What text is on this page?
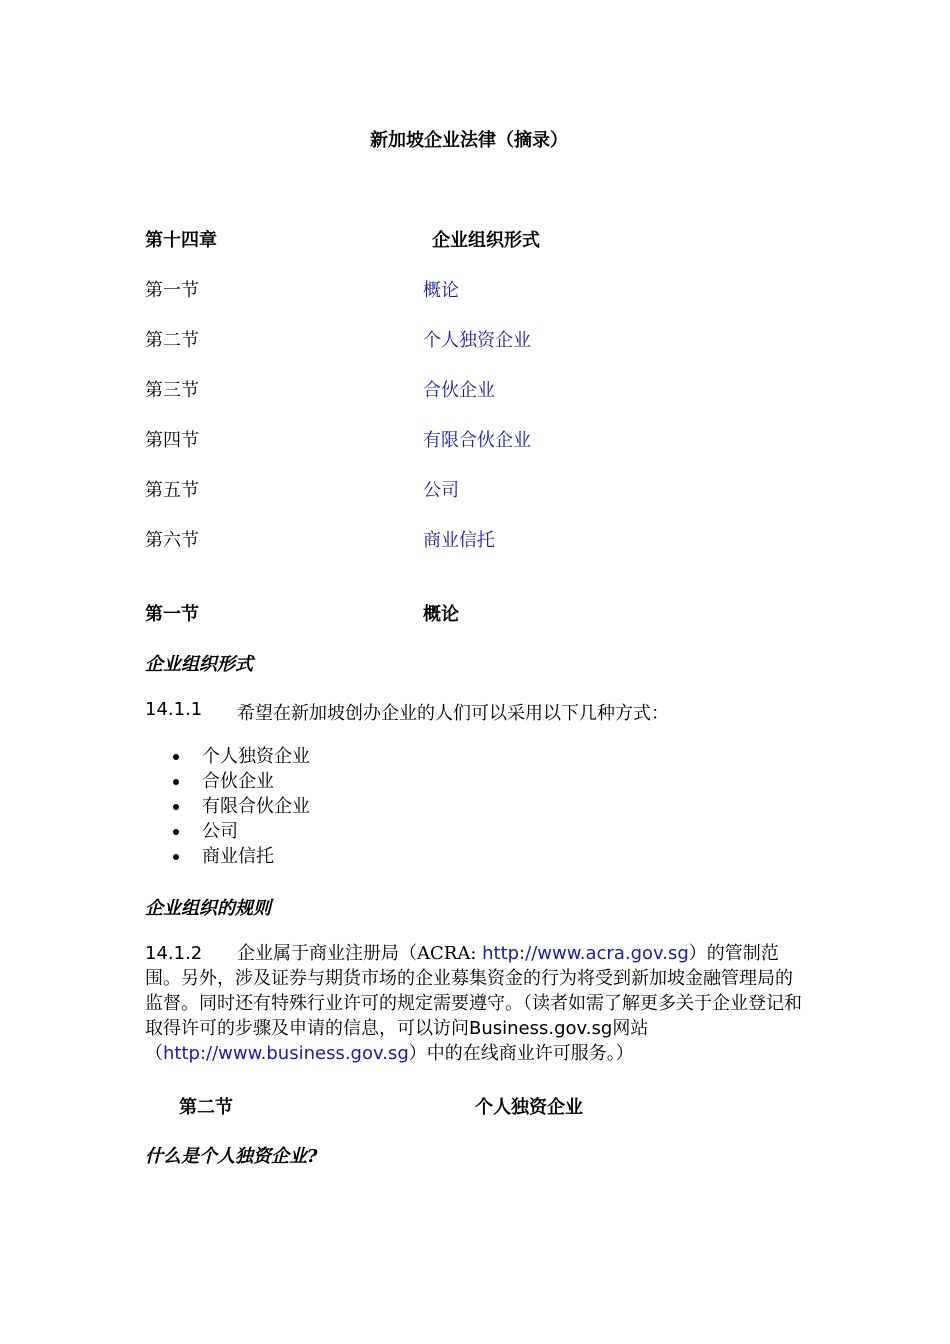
新加坡企业法律（摘录）
第十四章	企业组织形式
第一节	概论
第二节	个人独资企业
第三节	合伙企业
第四节	有限合伙企业
第五节	公司
第六节	商业信托
第一节	概论
企业组织形式
14.1.1 希望在新加坡创办企业的人们可以采用以下几种方式：
个人独资企业
合伙企业
有限合伙企业
公司
商业信托
企业组织的规则
14.1.2 企业属于商业注册局（ACRA: http://www.acra.gov.sg）的管制范围。另外，涉及证券与期货市场的企业募集资金的行为将受到新加坡金融管理局的监督。同时还有特殊行业许可的规定需要遵守。（读者如需了解更多关于企业登记和取得许可的步骤及申请的信息，可以访问Business.gov.sg网站（http://www.business.gov.sg）中的在线商业许可服务。）
第二节	个人独资企业
什么是个人独资企业?
